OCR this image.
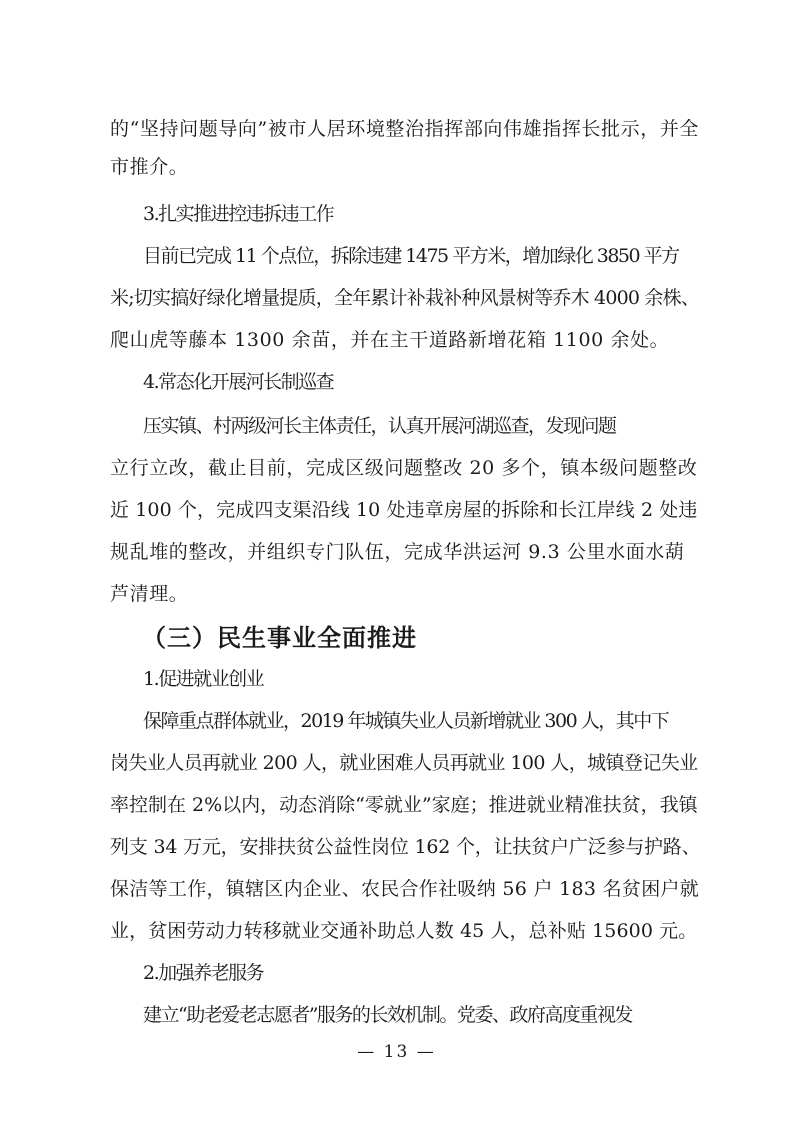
的“坚持问题导向”被市人居环境整治指挥部向伟雄指挥长批示，并全
市推介。
3.扎实推进控违拆违工作
目前已完成 11 个点位，拆除违建 1475 平方米，增加绿化 3850 平方
米;切实搞好绿化增量提质，全年累计补栽补种风景树等乔木 4000 余株、
爬山虎等藤本 1300 余苗，并在主干道路新增花箱 1100 余处。
4.常态化开展河长制巡查
压实镇、村两级河长主体责任，认真开展河湖巡查，发现问题
立行立改，截止目前，完成区级问题整改 20 多个，镇本级问题整改
近 100 个，完成四支渠沿线 10 处违章房屋的拆除和长江岸线 2 处违
规乱堆的整改，并组织专门队伍，完成华洪运河 9.3 公里水面水葫
芦清理。
（三）民生事业全面推进
1.促进就业创业
保障重点群体就业，2019 年城镇失业人员新增就业 300 人，其中下
岗失业人员再就业 200 人，就业困难人员再就业 100 人，城镇登记失业
率控制在 2%以内，动态消除“零就业”家庭；推进就业精准扶贫，我镇
列支 34 万元，安排扶贫公益性岗位 162 个，让扶贫户广泛参与护路、
保洁等工作，镇辖区内企业、农民合作社吸纳 56 户 183 名贫困户就
业，贫困劳动力转移就业交通补助总人数 45 人，总补贴 15600 元。
2.加强养老服务
建立“助老爱老志愿者”服务的长效机制。党委、政府高度重视发
— 13 —
